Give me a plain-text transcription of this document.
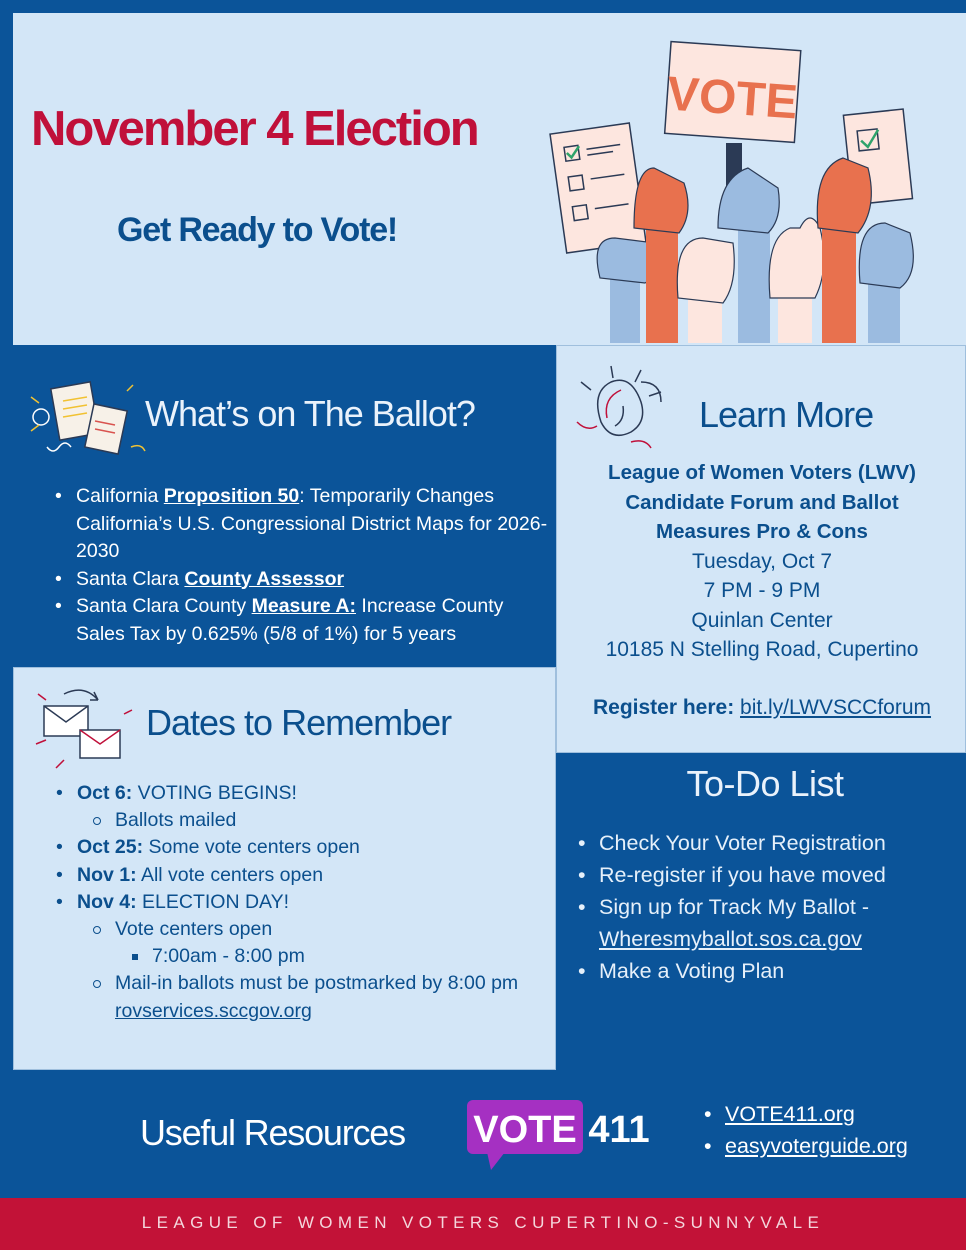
November 4 Election
Get Ready to Vote!
VOTE
What’s on The Ballot?
• California Proposition 50: Temporarily Changes California’s U.S. Congressional District Maps for 2026-2030
• Santa Clara County Assessor
• Santa Clara County Measure A: Increase County Sales Tax by 0.625% (5/8 of 1%) for 5 years
Learn More
League of Women Voters (LWV)
Candidate Forum and Ballot
Measures Pro & Cons
Tuesday, Oct 7
7 PM - 9 PM
Quinlan Center
10185 N Stelling Road, Cupertino
Register here: bit.ly/LWVSCCforum
Dates to Remember
• Oct 6: VOTING BEGINS!
Ballots mailed
• Oct 25: Some vote centers open
• Nov 1: All vote centers open
• Nov 4: ELECTION DAY!
Vote centers open
7:00am - 8:00 pm
Mail-in ballots must be postmarked by 8:00 pm rovservices.sccgov.org
To-Do List
• Check Your Voter Registration
• Re-register if you have moved
• Sign up for Track My Ballot - Wheresmyballot.sos.ca.gov
• Make a Voting Plan
Useful Resources VOTE 411
•	VOTE411.org
• easyvoterguide.org
LEAGUE OF WOMEN VOTERS CUPERTINO-SUNNYVALE
